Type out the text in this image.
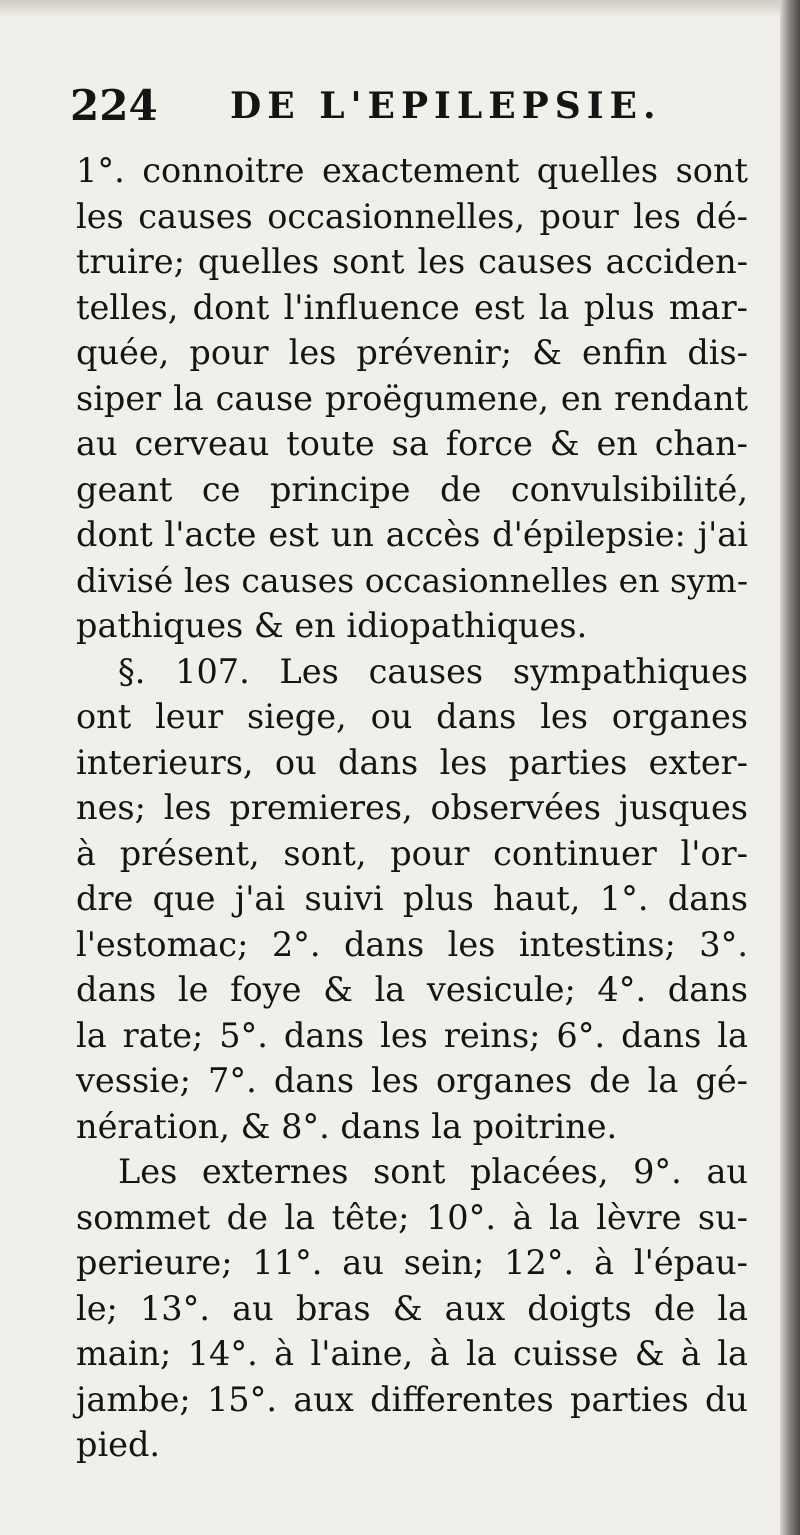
224 DE L'EPILEPSIE.
1°. connoitre exactement quelles sont
les causes occasionnelles, pour les dé-
truire; quelles sont les causes acciden-
telles, dont l'influence est la plus mar-
quée, pour les prévenir; & enfin dis-
siper la cause proëgumene, en rendant
au cerveau toute sa force & en chan-
geant ce principe de convulsibilité,
dont l'acte est un accès d'épilepsie: j'ai
divisé les causes occasionnelles en sym-
pathiques & en idiopathiques.
§. 107. Les causes sympathiques
ont leur siege, ou dans les organes
interieurs, ou dans les parties exter-
nes; les premieres, observées jusques
à présent, sont, pour continuer l'or-
dre que j'ai suivi plus haut, 1°. dans
l'estomac; 2°. dans les intestins; 3°.
dans le foye & la vesicule; 4°. dans
la rate; 5°. dans les reins; 6°. dans la
vessie; 7°. dans les organes de la gé-
nération, & 8°. dans la poitrine.
Les externes sont placées, 9°. au
sommet de la tête; 10°. à la lèvre su-
perieure; 11°. au sein; 12°. à l'épau-
le; 13°. au bras & aux doigts de la
main; 14°. à l'aine, à la cuisse & à la
jambe; 15°. aux differentes parties du
pied.
